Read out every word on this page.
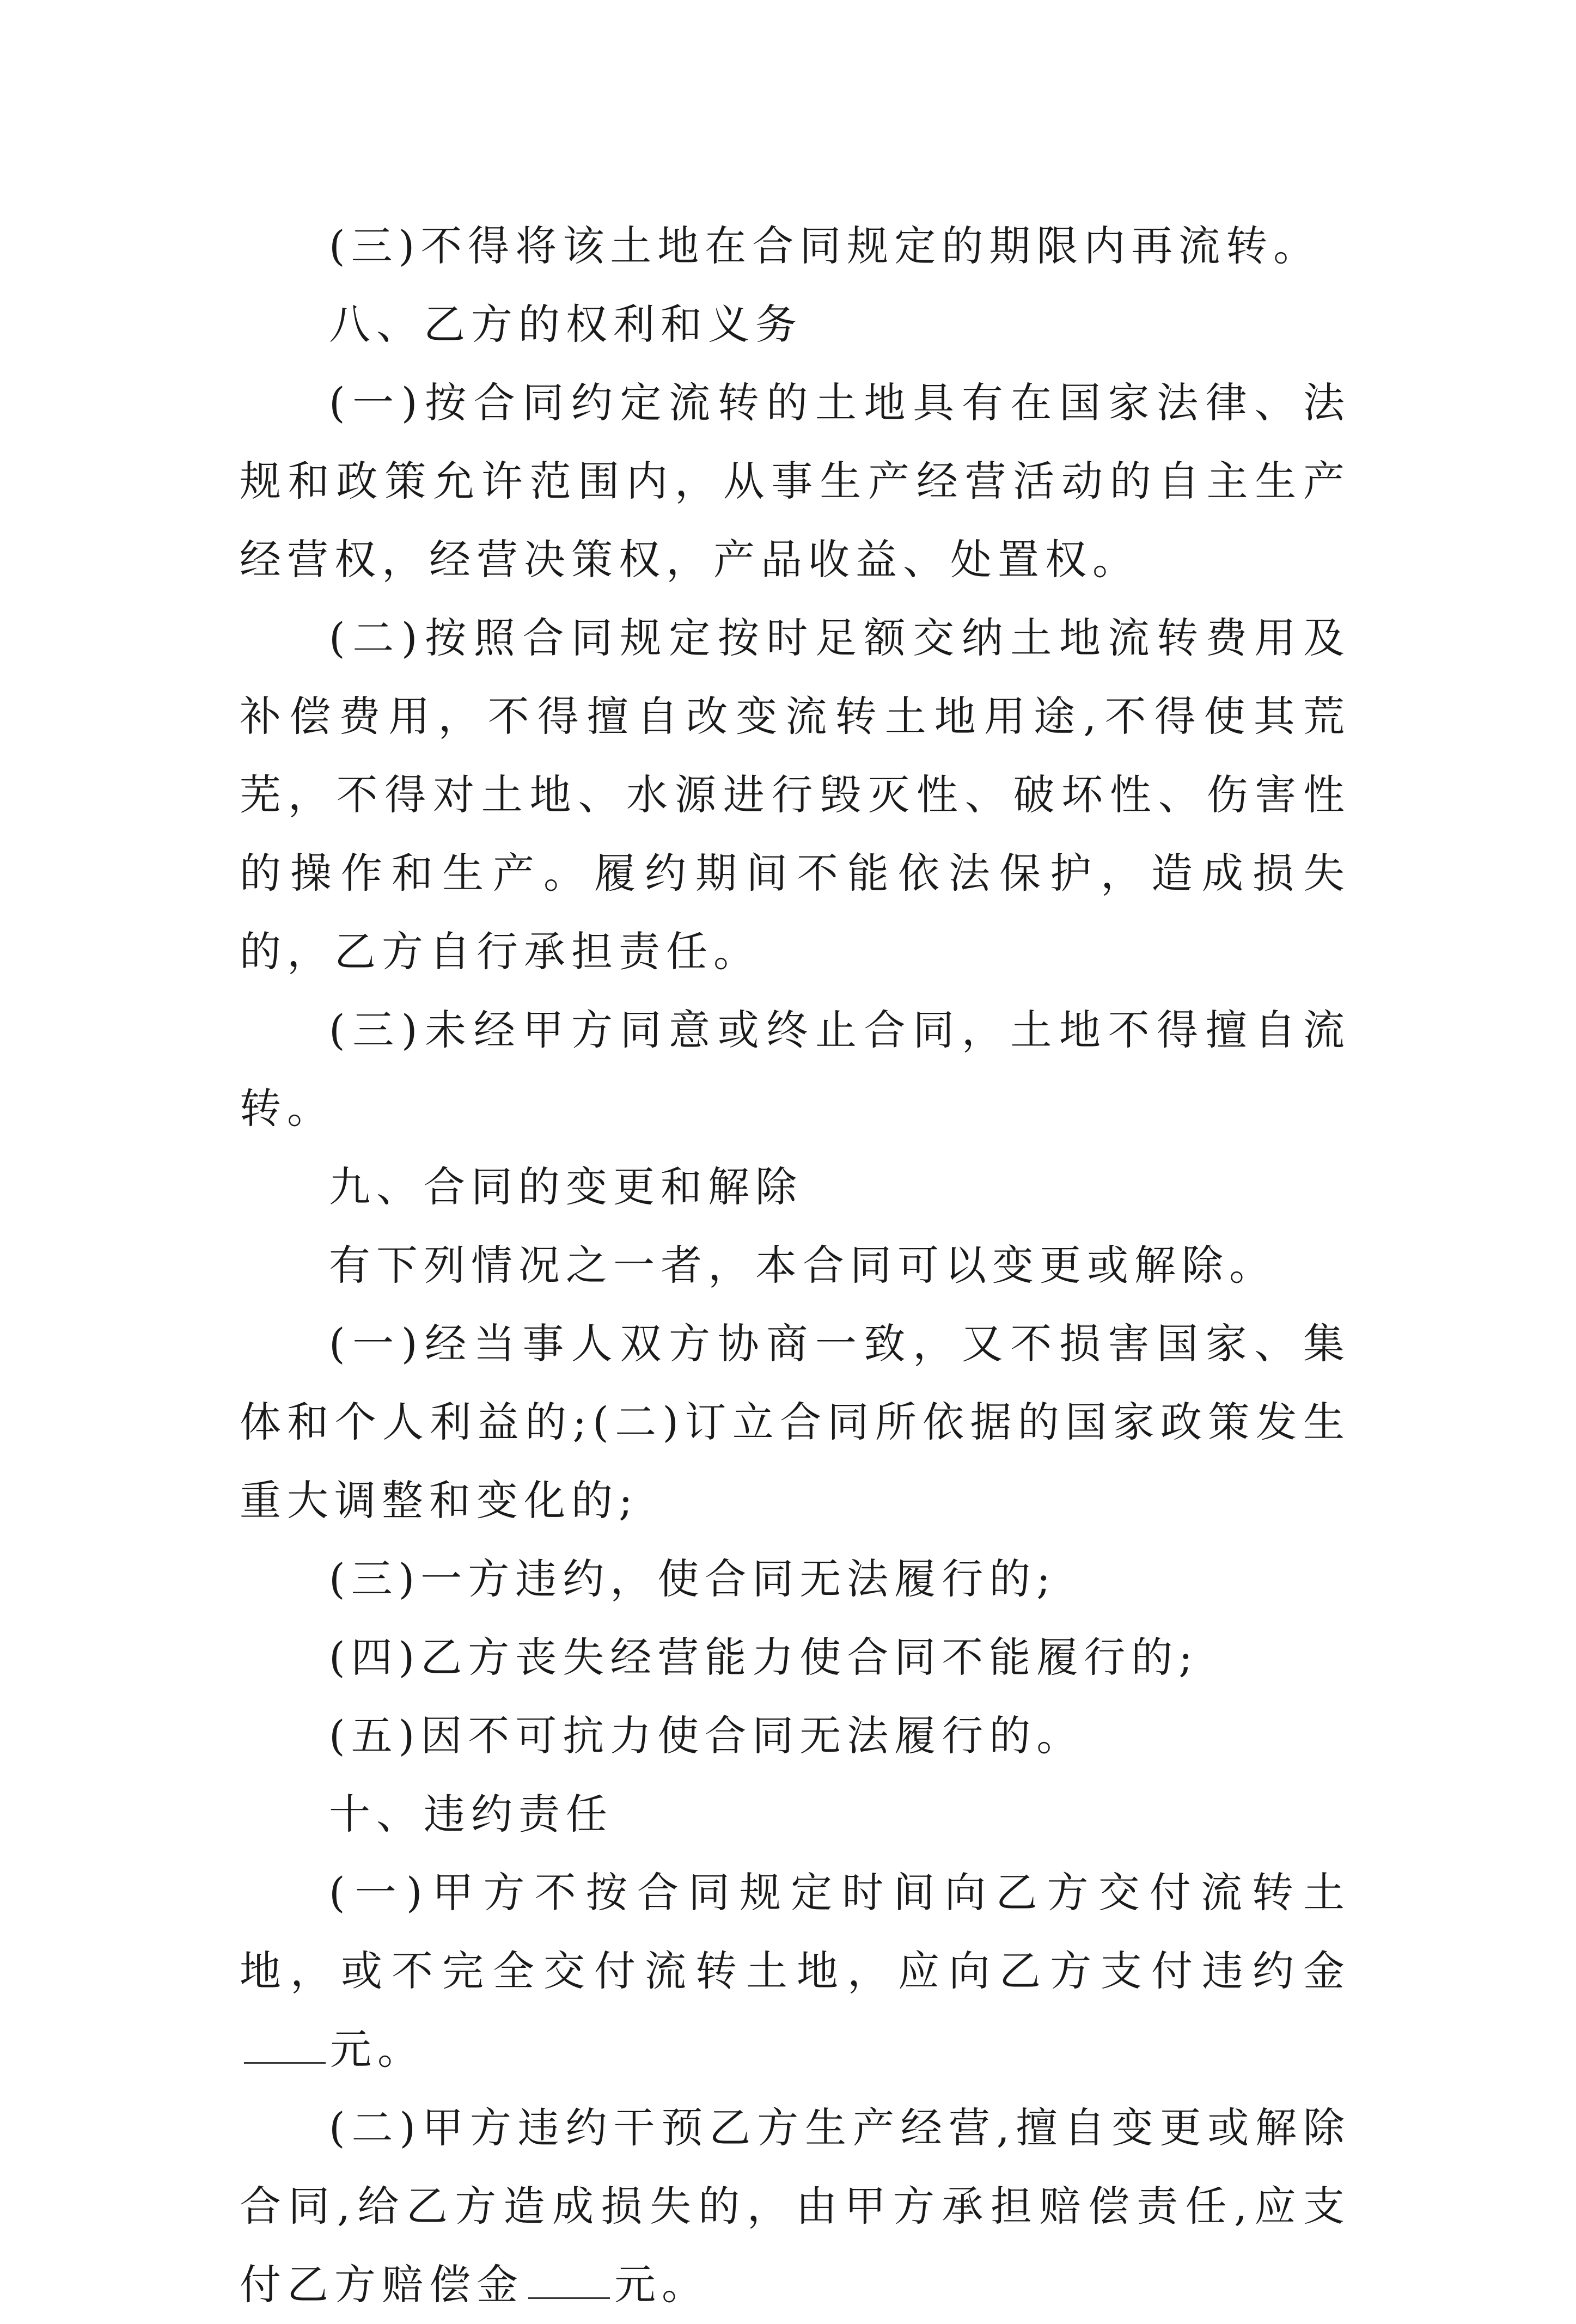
(三)不得将该土地在合同规定的期限内再流转。

八、乙方的权利和义务

(一)按合同约定流转的土地具有在国家法律、法规和政策允许范围内，从事生产经营活动的自主生产经营权，经营决策权，产品收益、处置权。

(二)按照合同规定按时足额交纳土地流转费用及补偿费用，不得擅自改变流转土地用途,不得使其荒芜，不得对土地、水源进行毁灭性、破坏性、伤害性的操作和生产。履约期间不能依法保护，造成损失的，乙方自行承担责任。

(三)未经甲方同意或终止合同，土地不得擅自流转。

九、合同的变更和解除

有下列情况之一者，本合同可以变更或解除。

(一)经当事人双方协商一致，又不损害国家、集体和个人利益的;(二)订立合同所依据的国家政策发生重大调整和变化的;

(三)一方违约，使合同无法履行的;

(四)乙方丧失经营能力使合同不能履行的;

(五)因不可抗力使合同无法履行的。

十、违约责任

(一)甲方不按合同规定时间向乙方交付流转土地，或不完全交付流转土地，应向乙方支付违约金元。

(二)甲方违约干预乙方生产经营,擅自变更或解除合同,给乙方造成损失的，由甲方承担赔偿责任,应支付乙方赔偿金 元。
